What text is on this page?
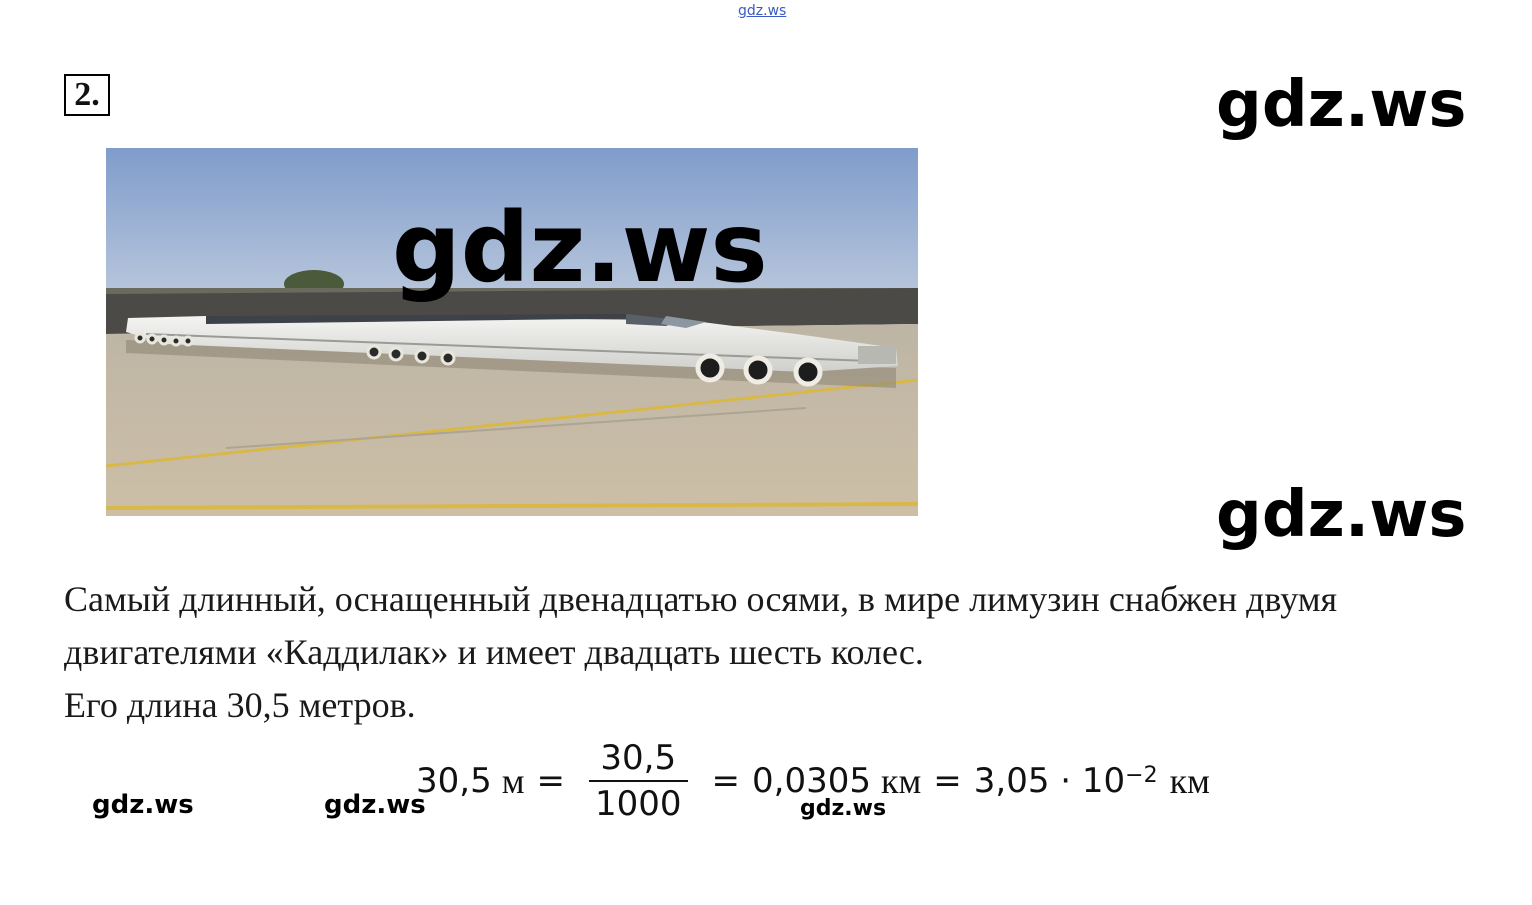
gdz.ws
2.	gdz.ws
gdz.ws
gdz.ws

Самый длинный, оснащенный двенадцатью осями, в мире лимузин снабжен двумя

двигателями «Каддилак» и имеет двадцать шесть колес.

Его длина 30,5 метров.

gdz.ws	gdz.ws
30,5 $м = \frac{30,5}{1000} = 0,0305$ км = $3,05 \cdot 10^{-2}$ км
gdz.ws
